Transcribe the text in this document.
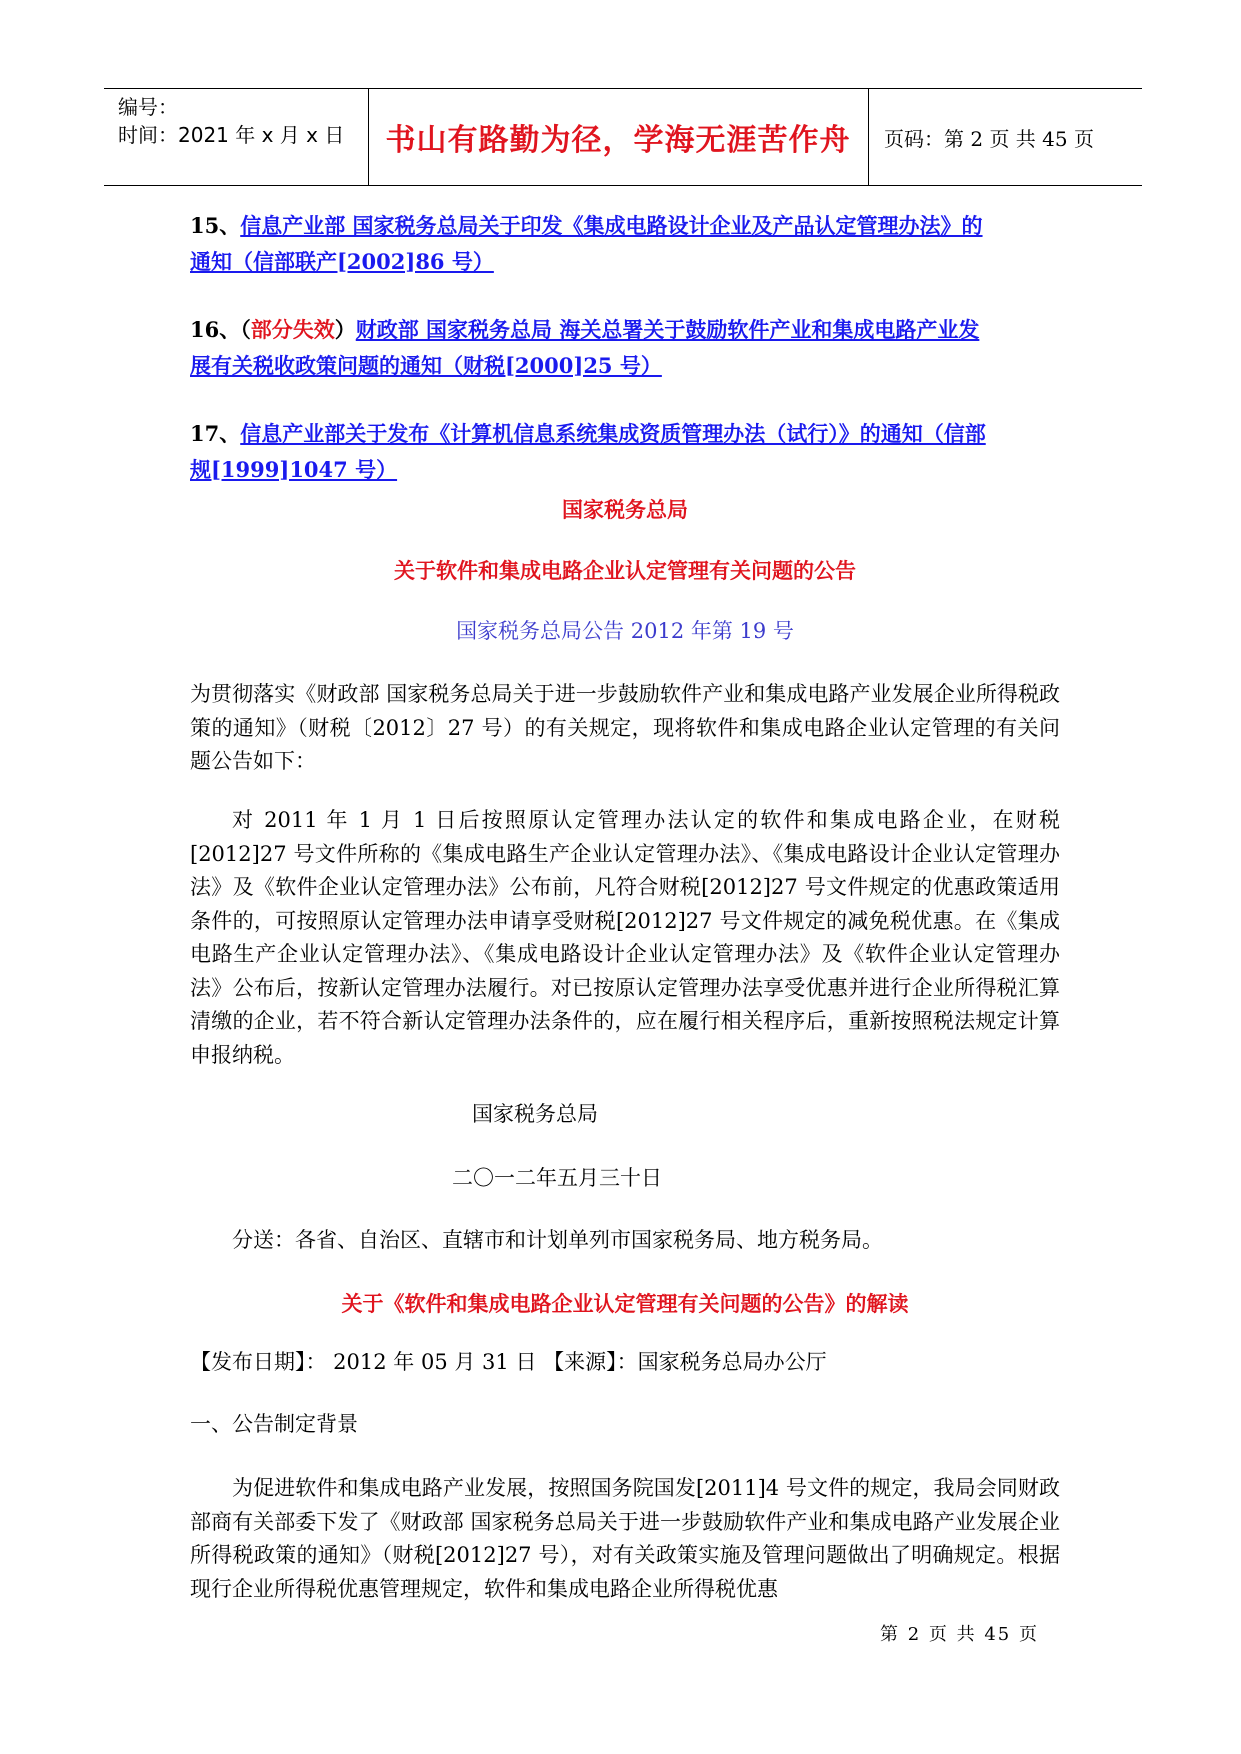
编号：
时间：2021 年 x 月 x 日 书山有路勤为径，学海无涯苦作舟 页码：第 2 页 共 45 页
15、信息产业部 国家税务总局关于印发《集成电路设计企业及产品认定管理办法》的
通知（信部联产[2002]86 号）
16、（部分失效）财政部 国家税务总局 海关总署关于鼓励软件产业和集成电路产业发
展有关税收政策问题的通知（财税[2000]25 号）
17、信息产业部关于发布《计算机信息系统集成资质管理办法（试行）》的通知（信部
规[1999]1047 号）
国家税务总局
关于软件和集成电路企业认定管理有关问题的公告
国家税务总局公告 2012 年第 19 号
为贯彻落实《财政部 国家税务总局关于进一步鼓励软件产业和集成电路产业发展企业所得税政策的通知》（财税〔2012〕27 号）的有关规定，现将软件和集成电路企业认定管理的有关问题公告如下：
对 2011 年 1 月 1 日后按照原认定管理办法认定的软件和集成电路企业，在财税[2012]27 号文件所称的《集成电路生产企业认定管理办法》、《集成电路设计企业认定管理办法》及《软件企业认定管理办法》公布前，凡符合财税[2012]27 号文件规定的优惠政策适用条件的，可按照原认定管理办法申请享受财税[2012]27 号文件规定的减免税优惠。在《集成电路生产企业认定管理办法》、《集成电路设计企业认定管理办法》及《软件企业认定管理办法》公布后，按新认定管理办法履行。对已按原认定管理办法享受优惠并进行企业所得税汇算清缴的企业，若不符合新认定管理办法条件的，应在履行相关程序后，重新按照税法规定计算申报纳税。
国家税务总局
二〇一二年五月三十日
分送：各省、自治区、直辖市和计划单列市国家税务局、地方税务局。
关于《软件和集成电路企业认定管理有关问题的公告》的解读
【发布日期】： 2012 年 05 月 31 日 【来源】：国家税务总局办公厅
一、公告制定背景
为促进软件和集成电路产业发展，按照国务院国发[2011]4 号文件的规定，我局会同财政部商有关部委下发了《财政部 国家税务总局关于进一步鼓励软件产业和集成电路产业发展企业所得税政策的通知》（财税[2012]27 号），对有关政策实施及管理问题做出了明确规定。根据现行企业所得税优惠管理规定，软件和集成电路企业所得税优惠
第 2 页 共 45 页
